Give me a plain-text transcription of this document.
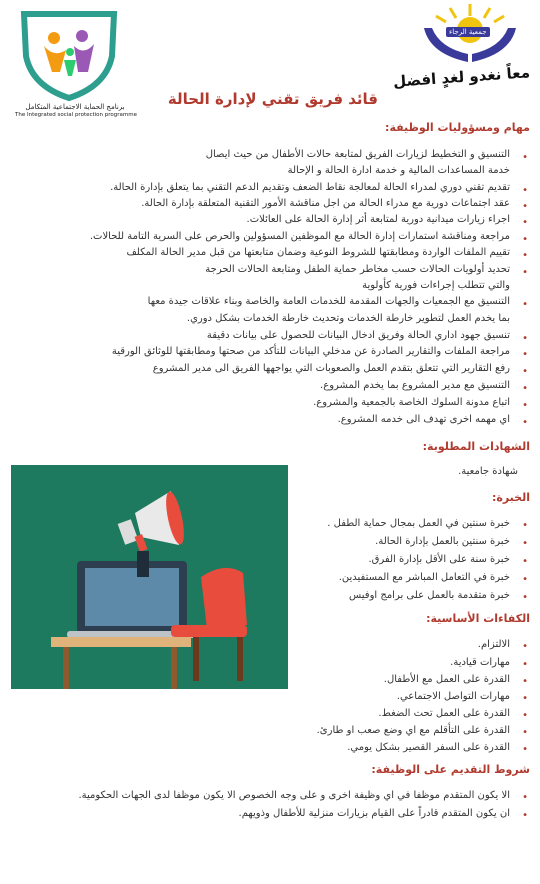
برنامج الحماية الاجتماعية المتكامل
The Integrated social protection programme
جمعية الرجاء
معاً نغدو لغدٍ افضل
قائد فريق تقني لإدارة الحالة
مهام ومسؤوليات الوظيفة:
•
التنسيق و التخطيط لزيارات الفريق لمتابعة حالات الأطفال من حيث ايصال
خدمة المساعدات المالية و خدمة ادارة الحالة و الإحالة
•
تقديم تقني دوري لمدراء الحالة لمعالجة نقاط الضعف وتقديم الدعم التقني بما يتعلق بإدارة الحالة.
•
عقد اجتماعات دورية مع مدراء الحالة من اجل مناقشة الأمور التقنية المتعلقة بإدارة الحالة.
•
اجراء زيارات ميدانية دورية لمتابعة أثر إدارة الحالة على العائلات.
•
مراجعة ومناقشة استمارات إدارة الحالة مع الموظفين المسؤولين والحرص على السرية التامة للحالات.
•
تقييم الملفات الواردة ومطابقتها للشروط النوعية وضمان متابعتها من قبل مدير الحالة المكلف
•
تحديد أولويات الحالات حسب مخاطر حماية الطفل ومتابعة الحالات الحرجة
والتي تتطلب إجراءات فورية كأولوية
•
التنسيق مع الجمعيات والجهات المقدمة للخدمات العامة والخاصة وبناء علاقات جيدة معها
بما يخدم العمل لتطوير خارطة الخدمات وتحديث خارطة الخدمات بشكل دوري.
•
تنسيق جهود اداري الحالة وفريق ادخال البيانات للحصول على بيانات دقيقة
•
مراجعة الملفات والتقارير الصادرة عن مدخلي البيانات للتأكد من صحتها ومطابقتها للوثائق الورقية
•
رفع التقارير التي تتعلق بتقدم العمل والصعوبات التي يواجهها الفريق الى مدير المشروع
•
التنسيق مع مدير المشروع بما يخدم المشروع.
•
اتباع مدونة السلوك الخاصة بالجمعية والمشروع.
•
اي مهمه اخرى تهدف الى خدمه المشروع.
الشهادات المطلوبة:
شهادة جامعية.
الخبرة:
•
خبرة سنتين في العمل بمجال حماية الطفل .
•
خبرة سنتين بالعمل بإدارة الحالة.
•
خبرة سنة على الأقل بإدارة الفرق.
•
خبرة في التعامل المباشر مع المستفيدين.
•
خبرة متقدمة بالعمل على برامج اوفيس
الكفاءات الأساسية:
•
الالتزام.
•
مهارات قيادية.
•
القدرة على العمل مع الأطفال.
•
مهارات التواصل الاجتماعي.
•
القدرة على العمل تحت الضغط.
•
القدرة على التأقلم مع اي وضع صعب او طارئ.
•
القدرة على السفر القصير بشكل يومي.
شروط التقديم على الوظيفة:
•
الا يكون المتقدم موظفا في اي وظيفة اخرى و على وجه الخصوص الا يكون موظفا لدى الجهات الحكومية.
•
ان يكون المتقدم قادراً على القيام بزيارات منزلية للأطفال وذويهم.
